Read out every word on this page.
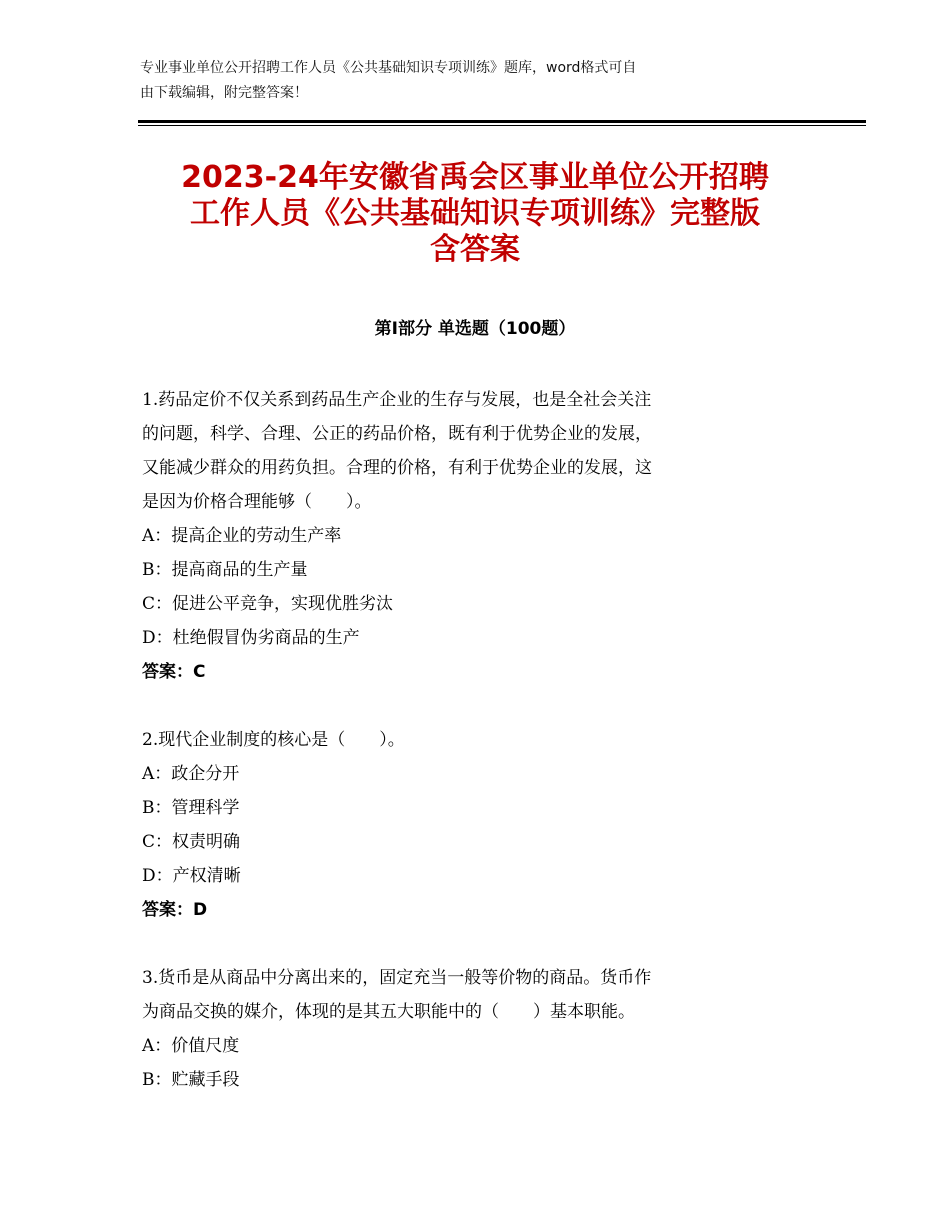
专业事业单位公开招聘工作人员《公共基础知识专项训练》题库，word格式可自
由下载编辑，附完整答案！
2023-24年安徽省禹会区事业单位公开招聘
工作人员《公共基础知识专项训练》完整版
含答案
第Ⅰ部分 单选题（100题）
1.药品定价不仅关系到药品生产企业的生存与发展，也是全社会关注
的问题，科学、合理、公正的药品价格，既有利于优势企业的发展，
又能减少群众的用药负担。合理的价格，有利于优势企业的发展，这
是因为价格合理能够（　　）。
A：提高企业的劳动生产率
B：提高商品的生产量
C：促进公平竞争，实现优胜劣汰
D：杜绝假冒伪劣商品的生产
答案：C
2.现代企业制度的核心是（　　）。
A：政企分开
B：管理科学
C：权责明确
D：产权清晰
答案：D
3.货币是从商品中分离出来的，固定充当一般等价物的商品。货币作
为商品交换的媒介，体现的是其五大职能中的（　　）基本职能。
A：价值尺度
B：贮藏手段
